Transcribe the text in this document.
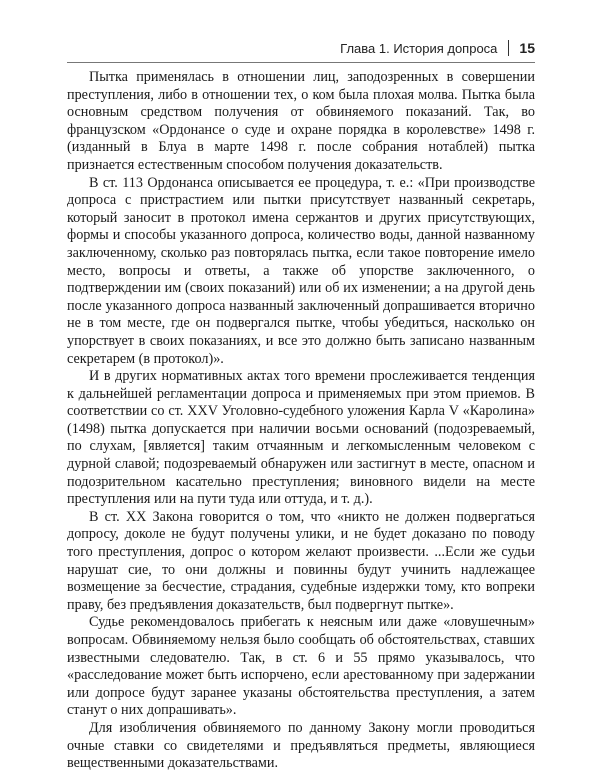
Глава 1. История допроса 15

Пытка применялась в отношении лиц, заподозренных в совершении преступления, либо в отношении тех, о ком была плохая молва. Пытка была основным средством получения от обвиняемого показаний. Так, во французском «Ордонансе о суде и охране порядка в королевстве» 1498 г. (изданный в Блуа в марте 1498 г. после собрания нотаблей) пытка признается естественным способом получения доказательств.

В ст. 113 Ордонанса описывается ее процедура, т. е.: «При производстве допроса с пристрастием или пытки присутствует названный секретарь, который заносит в протокол имена сержантов и других присутствующих, формы и способы указанного допроса, количество воды, данной названному заключенному, сколько раз повторялась пытка, если такое повторение имело место, вопросы и ответы, а также об упорстве заключенного, о подтверждении им (своих показаний) или об их изменении; а на другой день после указанного допроса названный заключенный допрашивается вторично не в том месте, где он подвергался пытке, чтобы убедиться, насколько он упорствует в своих показаниях, и все это должно быть записано названным секретарем (в протокол)».

И в других нормативных актах того времени прослеживается тенденция к дальнейшей регламентации допроса и применяемых при этом приемов. В соответствии со ст. XXV Уголовно-судебного уложения Карла V «Каролина» (1498) пытка допускается при наличии восьми оснований (подозреваемый, по слухам, [является] таким отчаянным и легкомысленным человеком с дурной славой; подозреваемый обнаружен или застигнут в месте, опасном и подозрительном касательно преступления; виновного видели на месте преступления или на пути туда или оттуда, и т. д.).

В ст. XX Закона говорится о том, что «никто не должен подвергаться допросу, доколе не будут получены улики, и не будет доказано по поводу того преступления, допрос о котором желают произвести. ...Если же судьи нарушат сие, то они должны и повинны будут учинить надлежащее возмещение за бесчестие, страдания, судебные издержки тому, кто вопреки праву, без предъявления доказательств, был подвергнут пытке».

Судье рекомендовалось прибегать к неясным или даже «ловушечным» вопросам. Обвиняемому нельзя было сообщать об обстоятельствах, ставших известными следователю. Так, в ст. 6 и 55 прямо указывалось, что «расследование может быть испорчено, если арестованному при задержании или допросе будут заранее указаны обстоятельства преступления, а затем станут о них допрашивать».

Для изобличения обвиняемого по данному Закону могли проводиться очные ставки со свидетелями и предъявляться предметы, являющиеся вещественными доказательствами.
